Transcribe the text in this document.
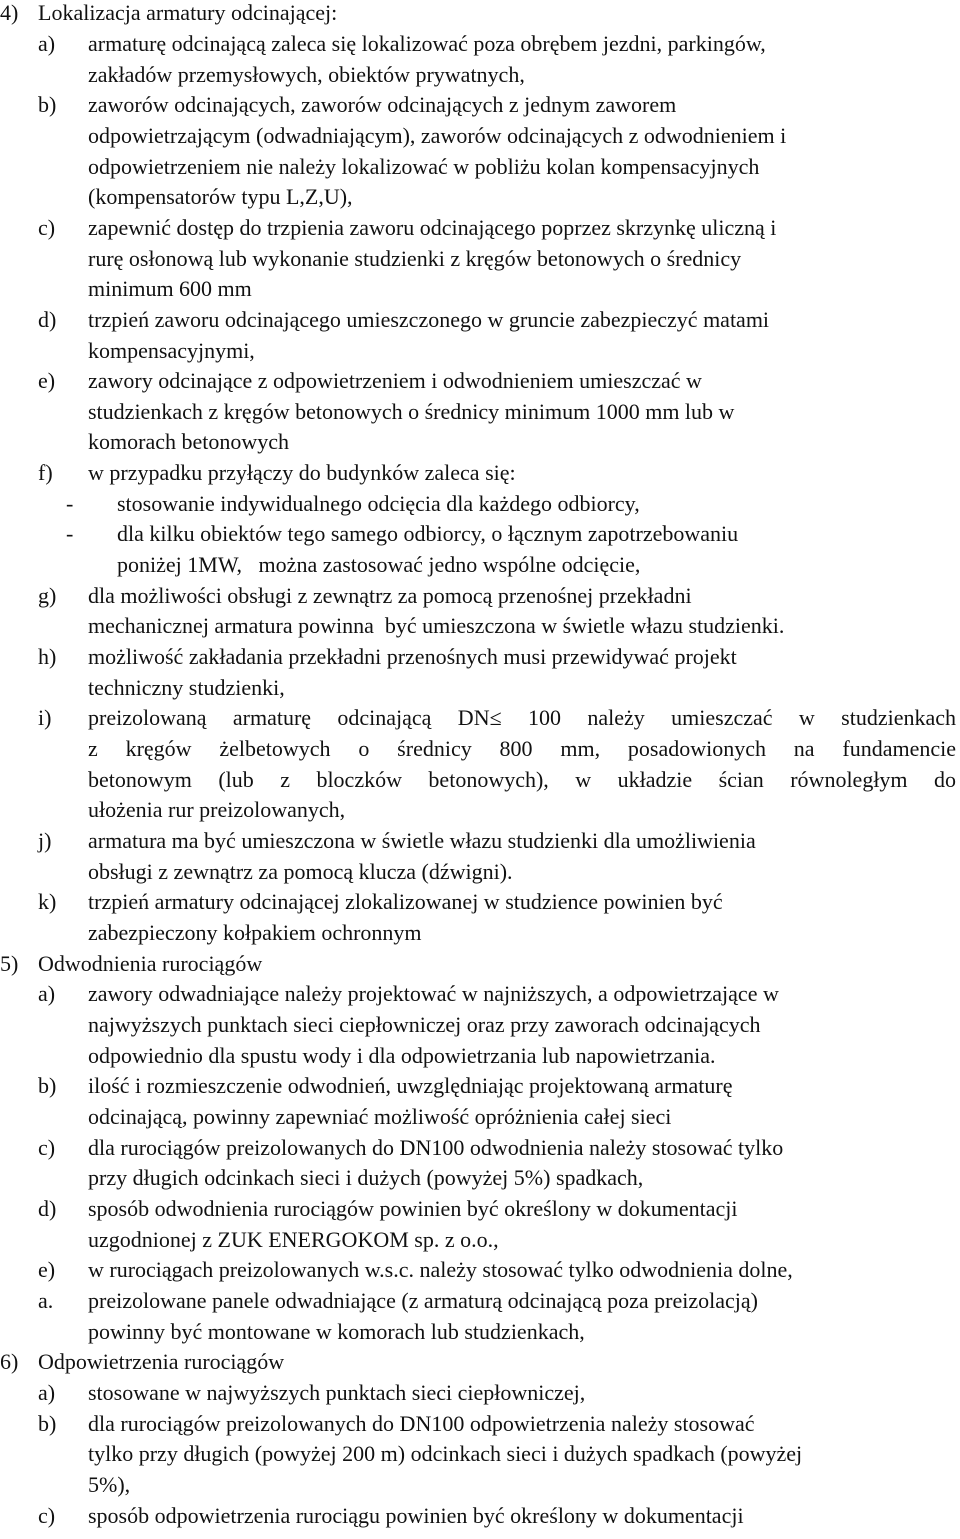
4) Lokalizacja armatury odcinającej:
a) armaturę odcinającą zaleca się lokalizować poza obrębem jezdni, parkingów,
zakładów przemysłowych, obiektów prywatnych,
b) zaworów odcinających, zaworów odcinających z jednym zaworem
odpowietrzającym (odwadniającym), zaworów odcinających z odwodnieniem i
odpowietrzeniem nie należy lokalizować w pobliżu kolan kompensacyjnych
(kompensatorów typu L,Z,U),
c) zapewnić dostęp do trzpienia zaworu odcinającego poprzez skrzynkę uliczną i
rurę osłonową lub wykonanie studzienki z kręgów betonowych o średnicy
minimum 600 mm
d) trzpień zaworu odcinającego umieszczonego w gruncie zabezpieczyć matami
kompensacyjnymi,
e) zawory odcinające z odpowietrzeniem i odwodnieniem umieszczać w
studzienkach z kręgów betonowych o średnicy minimum 1000 mm lub w
komorach betonowych
f) w przypadku przyłączy do budynków zaleca się:
- stosowanie indywidualnego odcięcia dla każdego odbiorcy,
- dla kilku obiektów tego samego odbiorcy, o łącznym zapotrzebowaniu
poniżej 1MW,   można zastosować jedno wspólne odcięcie,
g) dla możliwości obsługi z zewnątrz za pomocą przenośnej przekładni
mechanicznej armatura powinna  być umieszczona w świetle włazu studzienki.
h) możliwość zakładania przekładni przenośnych musi przewidywać projekt
techniczny studzienki,
i) preizolowaną armaturę odcinającą DN≤ 100 należy umieszczać w studzienkach
z kręgów żelbetowych o średnicy 800 mm, posadowionych na fundamencie
betonowym (lub z bloczków betonowych), w układzie ścian równoległym do
ułożenia rur preizolowanych,
j) armatura ma być umieszczona w świetle włazu studzienki dla umożliwienia
obsługi z zewnątrz za pomocą klucza (dźwigni).
k) trzpień armatury odcinającej zlokalizowanej w studzience powinien być
zabezpieczony kołpakiem ochronnym
5) Odwodnienia rurociągów
a) zawory odwadniające należy projektować w najniższych, a odpowietrzające w
najwyższych punktach sieci ciepłowniczej oraz przy zaworach odcinających
odpowiednio dla spustu wody i dla odpowietrzania lub napowietrzania.
b) ilość i rozmieszczenie odwodnień, uwzględniając projektowaną armaturę
odcinającą, powinny zapewniać możliwość opróżnienia całej sieci
c) dla rurociągów preizolowanych do DN100 odwodnienia należy stosować tylko
przy długich odcinkach sieci i dużych (powyżej 5%) spadkach,
d) sposób odwodnienia rurociągów powinien być określony w dokumentacji
uzgodnionej z ZUK ENERGOKOM sp. z o.o.,
e) w rurociągach preizolowanych w.s.c. należy stosować tylko odwodnienia dolne,
a. preizolowane panele odwadniające (z armaturą odcinającą poza preizolacją)
powinny być montowane w komorach lub studzienkach,
6) Odpowietrzenia rurociągów
a) stosowane w najwyższych punktach sieci ciepłowniczej,
b) dla rurociągów preizolowanych do DN100 odpowietrzenia należy stosować
tylko przy długich (powyżej 200 m) odcinkach sieci i dużych spadkach (powyżej
5%),
c) sposób odpowietrzenia rurociągu powinien być określony w dokumentacji
